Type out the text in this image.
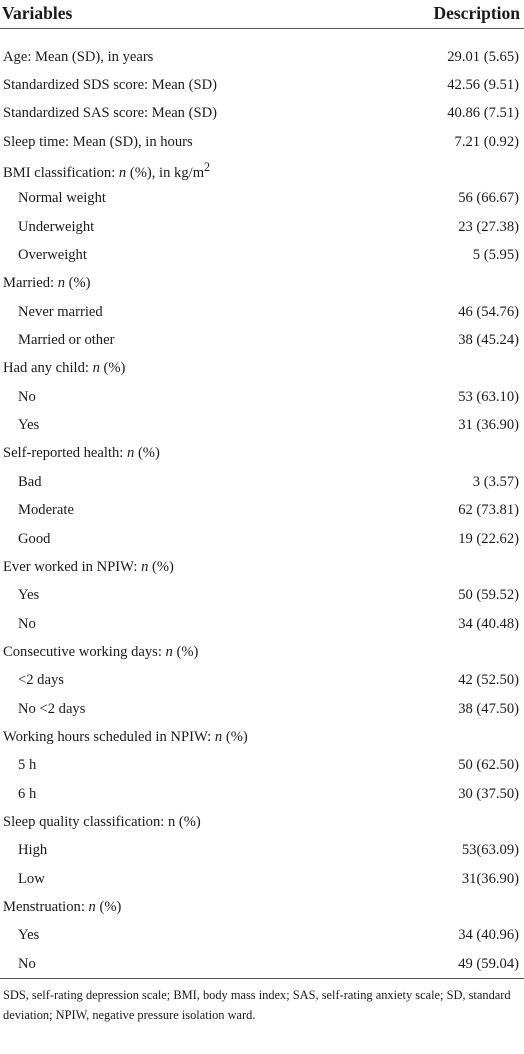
Variables	Description

Age: Mean (SD), in years	29.01 (5.65)
Standardized SDS score: Mean (SD)	42.56 (9.51)
Standardized SAS score: Mean (SD)	40.86 (7.51)
Sleep time: Mean (SD), in hours	7.21 (0.92)
BMI classification: n (%), in $kg/m^2$	
Normal weight	56 (66.67)
Underweight	23 (27.38)
Overweight	5 (5.95)
Married: n (%)	
Never married	46 (54.76)
Married or other	38 (45.24)
Had any child: n (%)	
No	53 (63.10)
Yes	31 (36.90)
Self-reported health: n (%)	
Bad	3 (3.57)
Moderate	62 (73.81)
Good	19 (22.62)
Ever worked in NPIW: n (%)	
Yes	50 (59.52)
No	34 (40.48)
Consecutive working days: n (%)	
<2 days	42 (52.50)
No <2 days	38 (47.50)
Working hours scheduled in NPIW: n (%)	
5 h	50 (62.50)
6 h	30 (37.50)
Sleep quality classification: n (%)	
High	53(63.09)
Low	31(36.90)
Menstruation: n (%)	
Yes	34 (40.96)
No	49 (59.04)
SDS, self-rating depression scale; BMI, body mass index; SAS, self-rating anxiety scale; SD, standard deviation; NPIW, negative pressure isolation ward.
